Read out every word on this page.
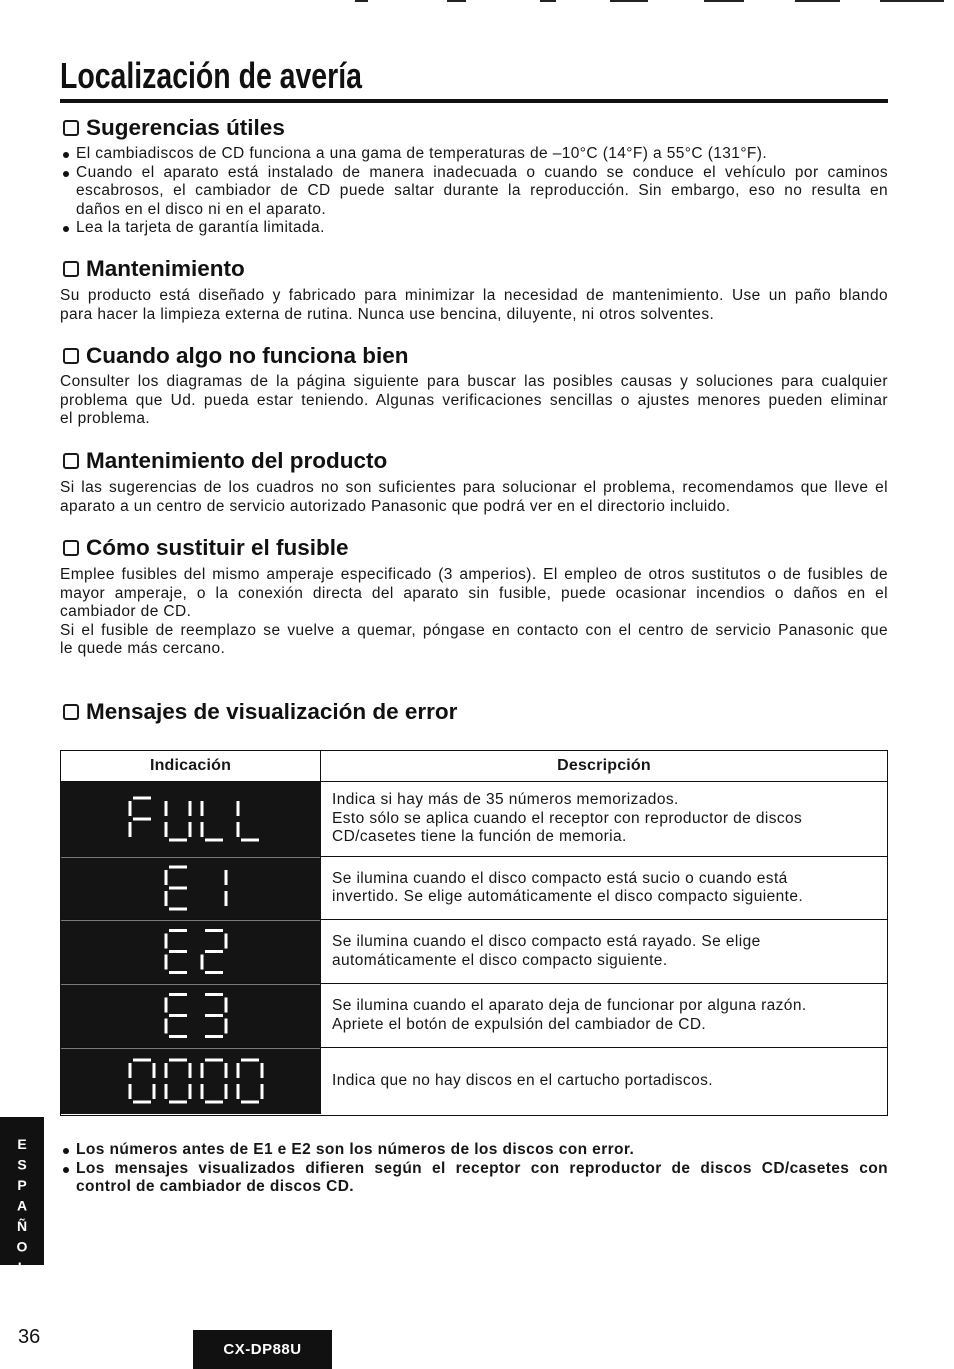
Localización de avería
Sugerencias útiles
El cambiadiscos de CD funciona a una gama de temperaturas de –10°C (14°F) a 55°C (131°F).
Cuando el aparato está instalado de manera inadecuada o cuando se conduce el vehículo por caminos
escabrosos, el cambiador de CD puede saltar durante la reproducción. Sin embargo, eso no resulta en
daños en el disco ni en el aparato.
Lea la tarjeta de garantía limitada.
Mantenimiento
Su producto está diseñado y fabricado para minimizar la necesidad de mantenimiento. Use un paño blando
para hacer la limpieza externa de rutina. Nunca use bencina, diluyente, ni otros solventes.
Cuando algo no funciona bien
Consulter los diagramas de la página siguiente para buscar las posibles causas y soluciones para cualquier
problema que Ud. pueda estar teniendo. Algunas verificaciones sencillas o ajustes menores pueden eliminar
el problema.
Mantenimiento del producto
Si las sugerencias de los cuadros no son suficientes para solucionar el problema, recomendamos que lleve el
aparato a un centro de servicio autorizado Panasonic que podrá ver en el directorio incluido.
Cómo sustituir el fusible
Emplee fusibles del mismo amperaje especificado (3 amperios). El empleo de otros sustitutos o de fusibles de
mayor amperaje, o la conexión directa del aparato sin fusible, puede ocasionar incendios o daños en el
cambiador de CD.
Si el fusible de reemplazo se vuelve a quemar, póngase en contacto con el centro de servicio Panasonic que
le quede más cercano.
Mensajes de visualización de error
Indicación	Descripción
Indica si hay más de 35 números memorizados.
Esto sólo se aplica cuando el receptor con reproductor de discos
CD/casetes tiene la función de memoria.
Se ilumina cuando el disco compacto está sucio o cuando está
invertido. Se elige automáticamente el disco compacto siguiente.
Se ilumina cuando el disco compacto está rayado. Se elige
automáticamente el disco compacto siguiente.
Se ilumina cuando el aparato deja de funcionar por alguna razón.
Apriete el botón de expulsión del cambiador de CD.
Indica que no hay discos en el cartucho portadiscos.
Los números antes de E1 e E2 son los números de los discos con error.
Los mensajes visualizados difieren según el receptor con reproductor de discos CD/casetes con
control de cambiador de discos CD.
ESPAÑOL
36
CX-DP88U
